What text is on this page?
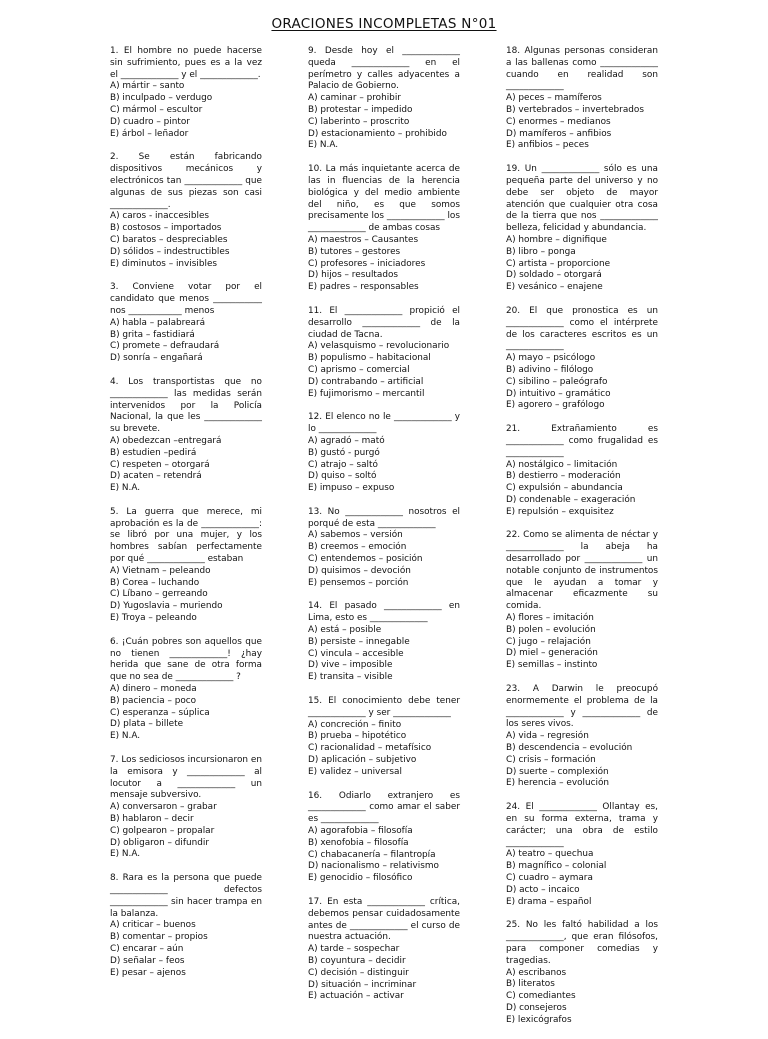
ORACIONES INCOMPLETAS N°01
1. El hombre no puede hacerse sin sufrimiento, pues es a la vez el _____________ y el _____________.
A) mártir – santo
B) inculpado – verdugo
C) mármol – escultor
D) cuadro – pintor
E) árbol – leñador
2. Se están fabricando dispositivos mecánicos y electrónicos tan _____________ que algunas de sus piezas son casi _____________.
A) caros - inaccesibles
B) costosos – importados
C) baratos – despreciables
D) sólidos – indestructibles
E) diminutos – invisibles
3. Conviene votar por el candidato que menos ___________ nos ____________ menos
A) habla – palabreará
B) grita – fastidiará
C) promete – defraudará
D) sonría – engañará
4. Los transportistas que no _____________ las medidas serán intervenidos por la Policía Nacional, la que les _____________ su brevete.
A) obedezcan –entregará
B) estudien –pedirá
C) respeten – otorgará
D) acaten – retendrá
E) N.A.
5. La guerra que merece, mi aprobación es la de _____________: se libró por una mujer, y los hombres sabían perfectamente por qué _____________ estaban
A) Vietnam – peleando
B) Corea – luchando
C) Líbano – gerreando
D) Yugoslavia – muriendo
E) Troya – peleando
6. ¡Cuán pobres son aquellos que no tienen _____________! ¿hay herida que sane de otra forma que no sea de _____________ ?
A) dinero – moneda
B) paciencia – poco
C) esperanza – súplica
D) plata – billete
E) N.A.
7. Los sediciosos incursionaron en la emisora y _____________ al locutor a _____________ un mensaje subversivo.
A) conversaron – grabar
B) hablaron – decir
C) golpearon – propalar
D) obligaron – difundir
E) N.A.
8. Rara es la persona que puede _____________ defectos _____________ sin hacer trampa en la balanza.
A) criticar – buenos
B) comentar – propios
C) encarar – aún
D) señalar – feos
E) pesar – ajenos
9. Desde hoy el _____________ queda _____________ en el perímetro y calles adyacentes a Palacio de Gobierno.
A) caminar – prohibir
B) protestar – impedido
C) laberinto – proscrito
D) estacionamiento – prohibido
E) N.A.
10. La más inquietante acerca de las in fluencias de la herencia biológica y del medio ambiente del niño, es que somos precisamente los _____________ los _____________ de ambas cosas
A) maestros – Causantes
B) tutores – gestores
C) profesores – iniciadores
D) hijos – resultados
E) padres – responsables
11. El _____________ propició el desarrollo _____________ de la ciudad de Tacna.
A) velasquismo – revolucionario
B) populismo – habitacional
C) aprismo – comercial
D) contrabando – artificial
E) fujimorismo – mercantil
12. El elenco no le _____________ y lo _____________
A) agradó – mató
B) gustó - purgó
C) atrajo – saltó
D) quiso – soltó
E) impuso – expuso
13. No _____________ nosotros el porqué de esta _____________
A) sabemos – versión
B) creemos – emoción
C) entendemos – posición
D) quisimos – devoción
E) pensemos – porción
14. El pasado _____________ en Lima, esto es _____________
A) está – posible
B) persiste – innegable
C) vincula – accesible
D) vive – imposible
E) transita – visible
15. El conocimiento debe tener _____________ y ser _____________
A) concreción – finito
B) prueba – hipotético
C) racionalidad – metafísico
D) aplicación – subjetivo
E) validez – universal
16. Odiarlo extranjero es _____________ como amar el saber es _____________
A) agorafobia – filosofía
B) xenofobia – filosofía
C) chabacanería – filantropía
D) nacionalismo – relativismo
E) genocidio – filosófico
17. En esta _____________ crítica, debemos pensar cuidadosamente antes de _____________ el curso de nuestra actuación.
A) tarde – sospechar
B) coyuntura – decidir
C) decisión – distinguir
D) situación – incriminar
E) actuación – activar
18. Algunas personas consideran a las ballenas como _____________ cuando en realidad son _____________
A) peces – mamíferos
B) vertebrados – invertebrados
C) enormes – medianos
D) mamíferos – anfibios
E) anfibios – peces
19. Un _____________ sólo es una pequeña parte del universo y no debe ser objeto de mayor atención que cualquier otra cosa de la tierra que nos _____________ belleza, felicidad y abundancia.
A) hombre – dignifique
B) libro – ponga
C) artista – proporcione
D) soldado – otorgará
E) vesánico – enajene
20. El que pronostica es un _____________ como el intérprete de los caracteres escritos es un _____________
A) mayo – psicólogo
B) adivino – filólogo
C) sibilino – paleógrafo
D) intuitivo – gramático
E) agorero – grafólogo
21. Extrañamiento es _____________ como frugalidad es _____________
A) nostálgico – limitación
B) destierro – moderación
C) expulsión – abundancia
D) condenable – exageración
E) repulsión – exquisitez
22. Como se alimenta de néctar y _____________ la abeja ha desarrollado por _____________ un notable conjunto de instrumentos que le ayudan a tomar y almacenar eficazmente su comida.
A) flores – imitación
B) polen – evolución
C) jugo – relajación
D) miel – generación
E) semillas – instinto
23. A Darwin le preocupó enormemente el problema de la _____________ y _____________ de los seres vivos.
A) vida – regresión
B) descendencia – evolución
C) crisis – formación
D) suerte – complexión
E) herencia – evolución
24. El _____________ Ollantay es, en su forma externa, trama y carácter; una obra de estilo _____________
A) teatro – quechua
B) magnífico – colonial
C) cuadro – aymara
D) acto – incaico
E) drama – español
25. No les faltó habilidad a los _____________, que eran filósofos, para componer comedias y tragedias.
A) escribanos
B) literatos
C) comediantes
D) consejeros
E) lexicógrafos
